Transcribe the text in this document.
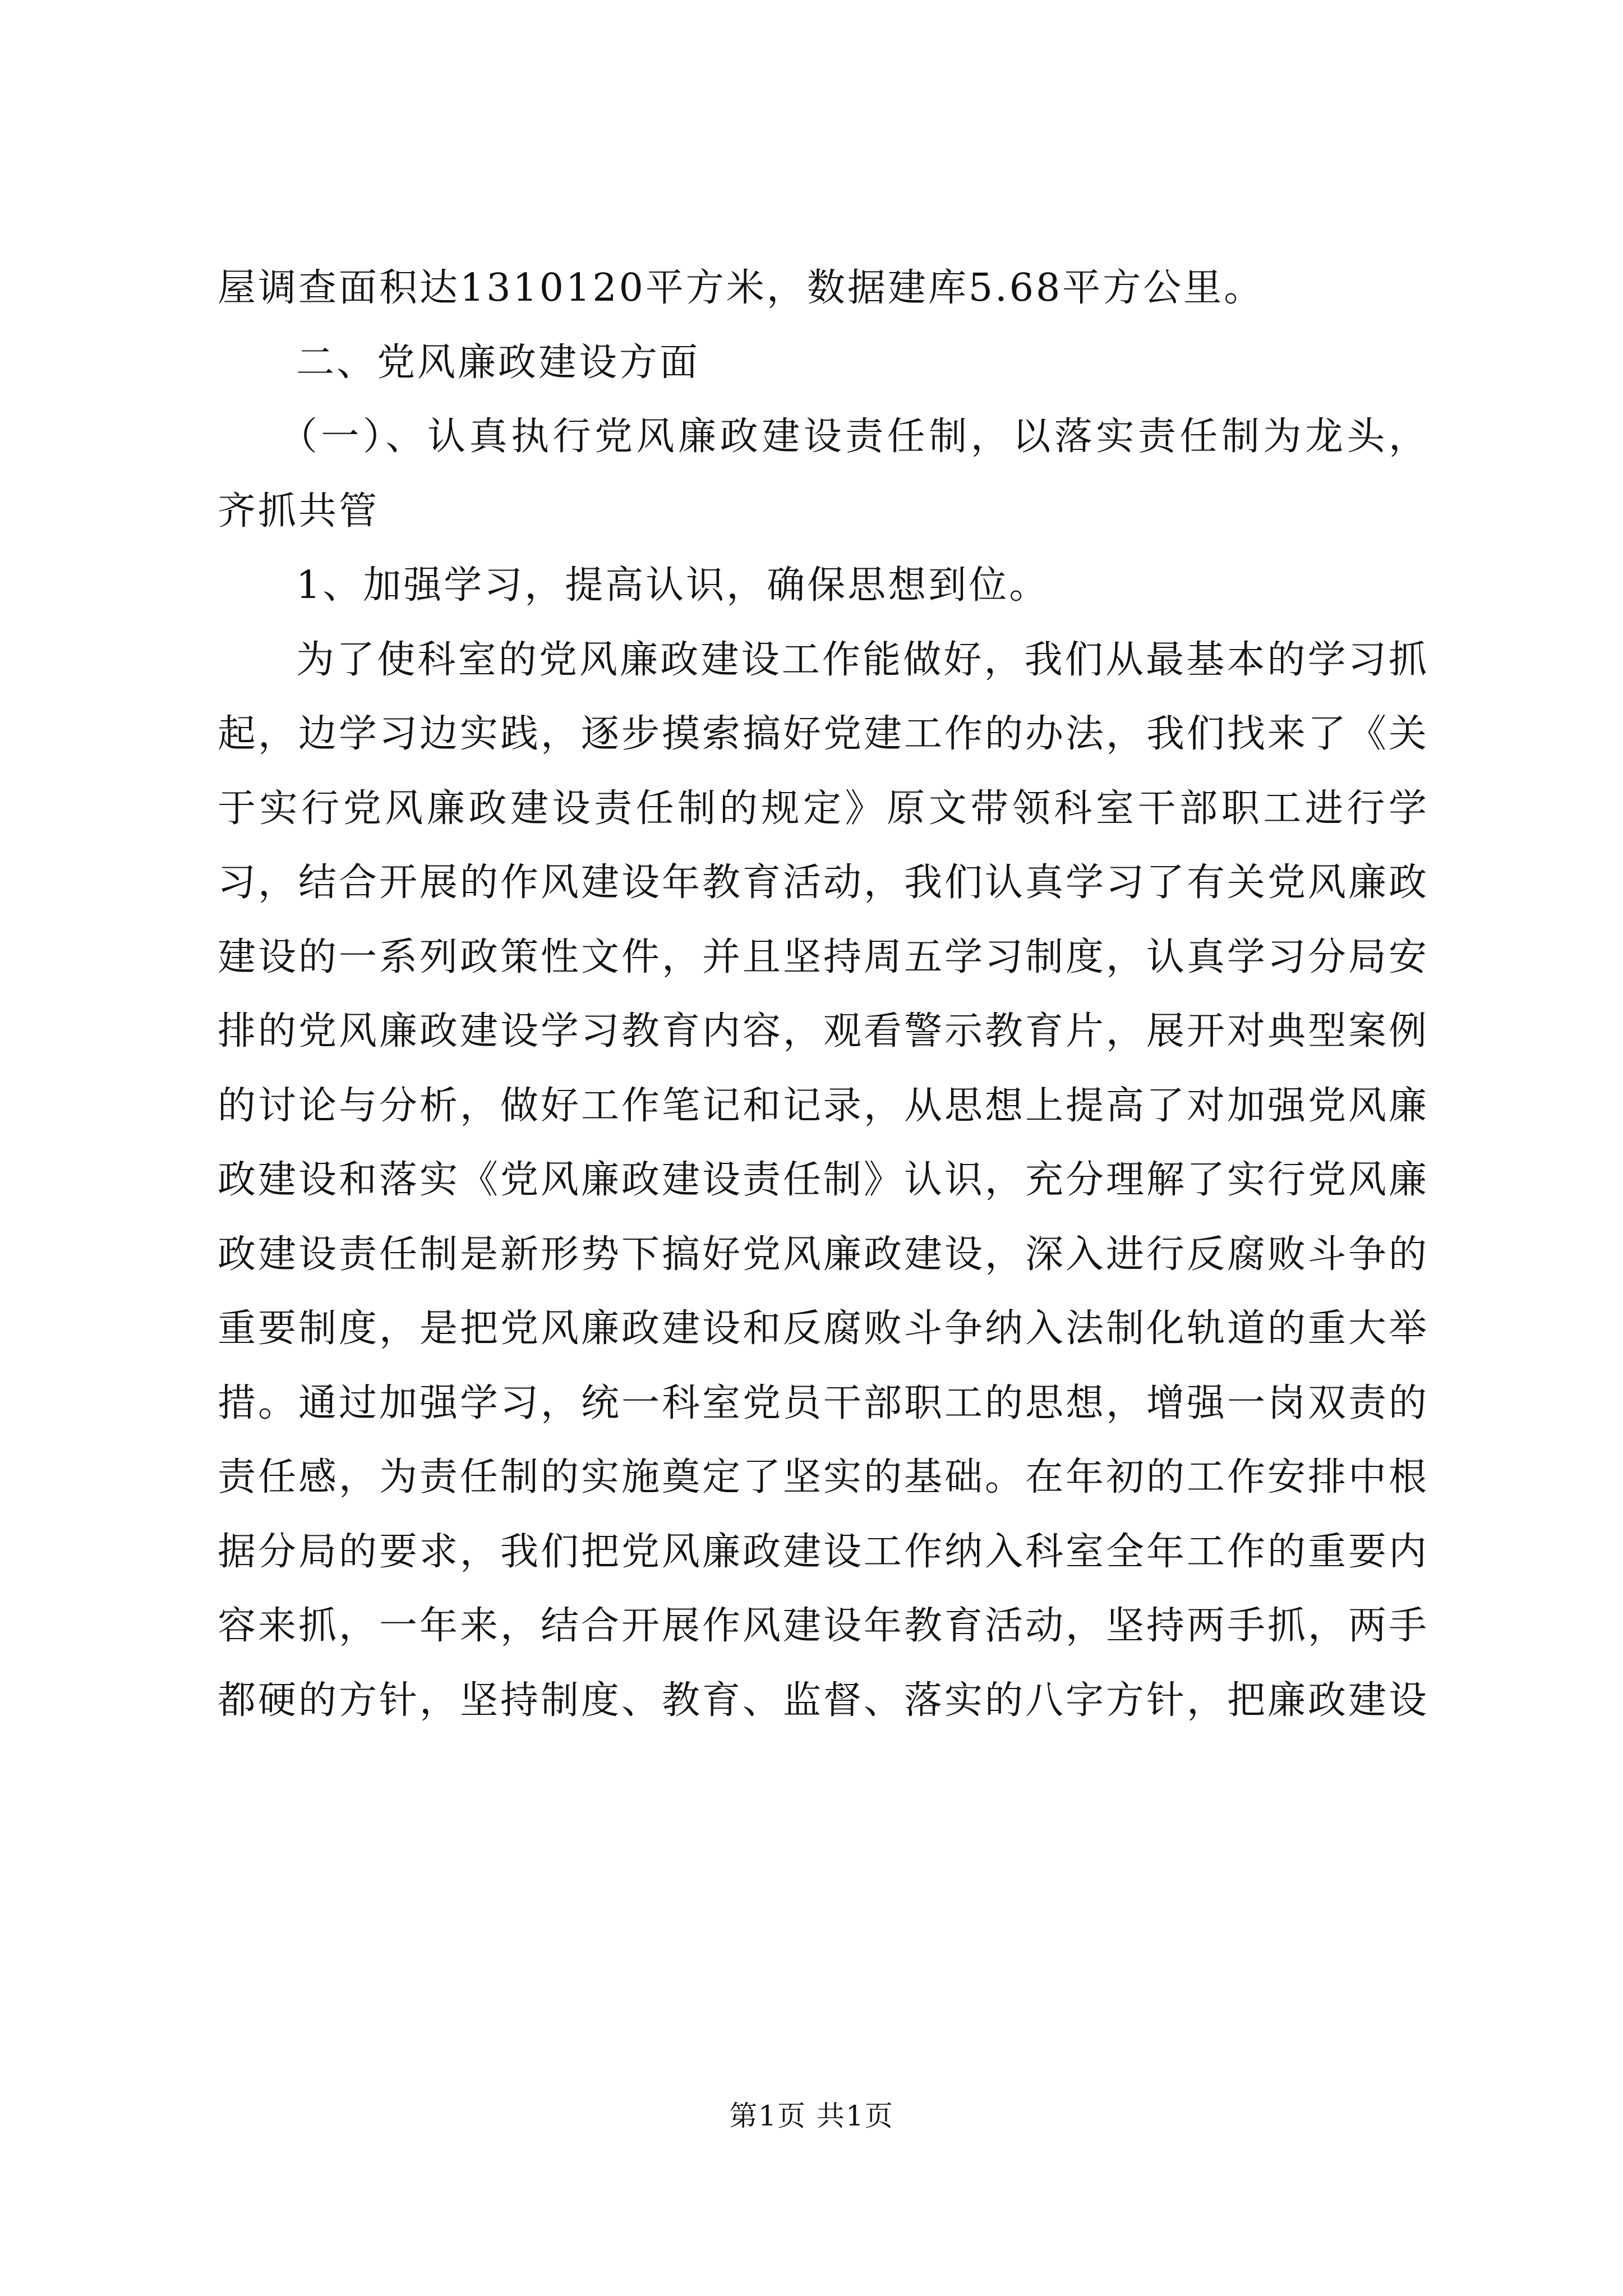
屋调查面积达1310120平方米，数据建库5.68平方公里。

二、党风廉政建设方面

（一）、认真执行党风廉政建设责任制，以落实责任制为龙头，齐抓共管

1、加强学习，提高认识，确保思想到位。

为了使科室的党风廉政建设工作能做好，我们从最基本的学习抓起，边学习边实践，逐步摸索搞好党建工作的办法，我们找来了《关于实行党风廉政建设责任制的规定》原文带领科室干部职工进行学习，结合开展的作风建设年教育活动，我们认真学习了有关党风廉政建设的一系列政策性文件，并且坚持周五学习制度，认真学习分局安排的党风廉政建设学习教育内容，观看警示教育片，展开对典型案例的讨论与分析，做好工作笔记和记录，从思想上提高了对加强党风廉政建设和落实《党风廉政建设责任制》认识，充分理解了实行党风廉政建设责任制是新形势下搞好党风廉政建设，深入进行反腐败斗争的重要制度，是把党风廉政建设和反腐败斗争纳入法制化轨道的重大举措。通过加强学习，统一科室党员干部职工的思想，增强一岗双责的责任感，为责任制的实施奠定了坚实的基础。在年初的工作安排中根据分局的要求，我们把党风廉政建设工作纳入科室全年工作的重要内容来抓，一年来，结合开展作风建设年教育活动，坚持两手抓，两手都硬的方针，坚持制度、教育、监督、落实的八字方针，把廉政建设

第1页 共1页
